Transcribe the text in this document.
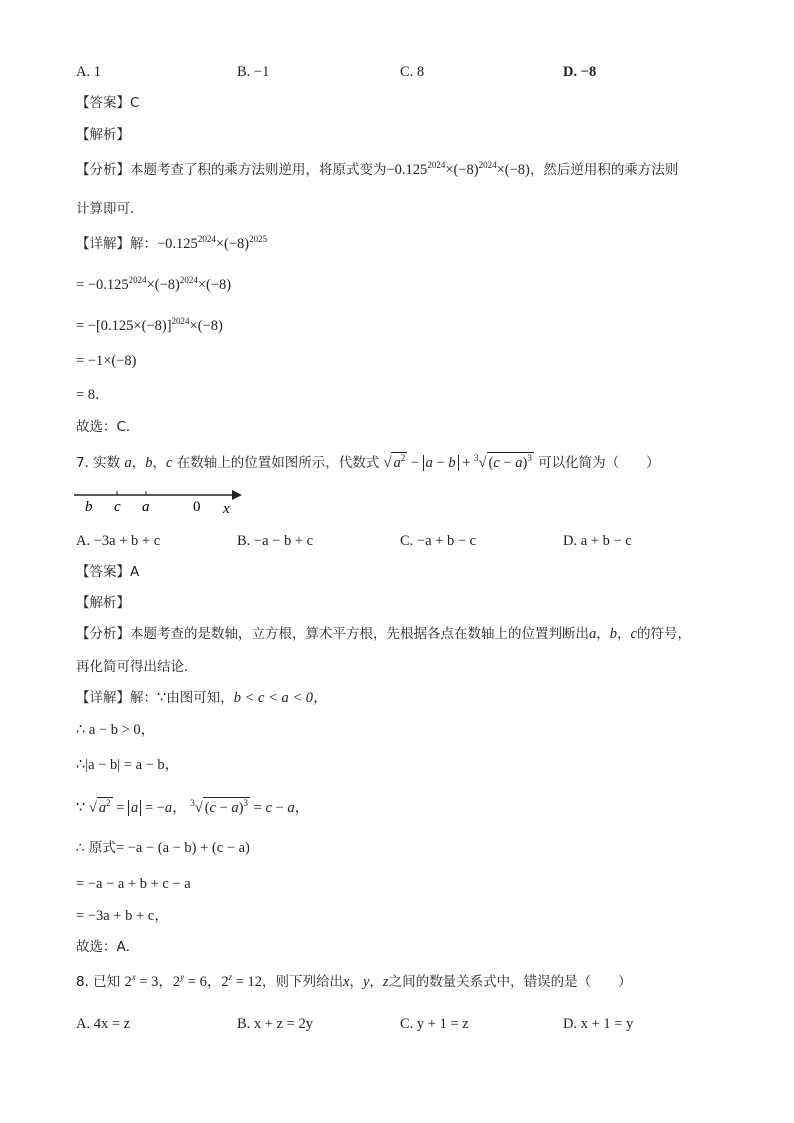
A. 1	B. −1	C. 8	D. −8
【答案】C
【解析】
【分析】本题考查了积的乘方法则逆用，将原式变为$-0.125^{2024}\times(-8)^{2024}\times(-8)$，然后逆用积的乘方法则
计算即可．
【详解】解：$-0.125^{2024}\times(-8)^{2025}$
= $-0.125^{2024}\times(-8)^{2024}\times(-8)$
= $-[0.125\times(-8)]^{2024}\times(-8)$
= −1×(−8)
= 8．
故选：C．
7. 实数 a，b，c 在数轴上的位置如图所示，代数式 √ $a^2 - a - b + ^3√$ $(c - a)^3$ 可以化简为（　　）
b c a	0 x
A. −3a + b + c	B. −a − b + c	C. −a + b − c	D. a + b − c
【答案】A
【解析】
【分析】本题考查的是数轴，立方根，算术平方根，先根据各点在数轴上的位置判断出a，b，c的符号，
再化简可得出结论．
【详解】解：∵由图可知，b < c < a < 0，
∴ a − b > 0，
∴|a − b| = a − b，
∵ √ $a^2 = a = -a$， $^3$√ $(c - a)^3 = c - a$，
∴ 原式= −a − (a − b) + (c − a)
= −a − a + b + c − a
= −3a + b + c，
故选：A．
8. 已知 $2^x = 3$，$2^y = 6$，$2^z = 12$，则下列给出x，y，z之间的数量关系式中，错误的是（　　）
A. 4x = z	B. x + z = 2y	C. y + 1 = z	D. x + 1 = y
